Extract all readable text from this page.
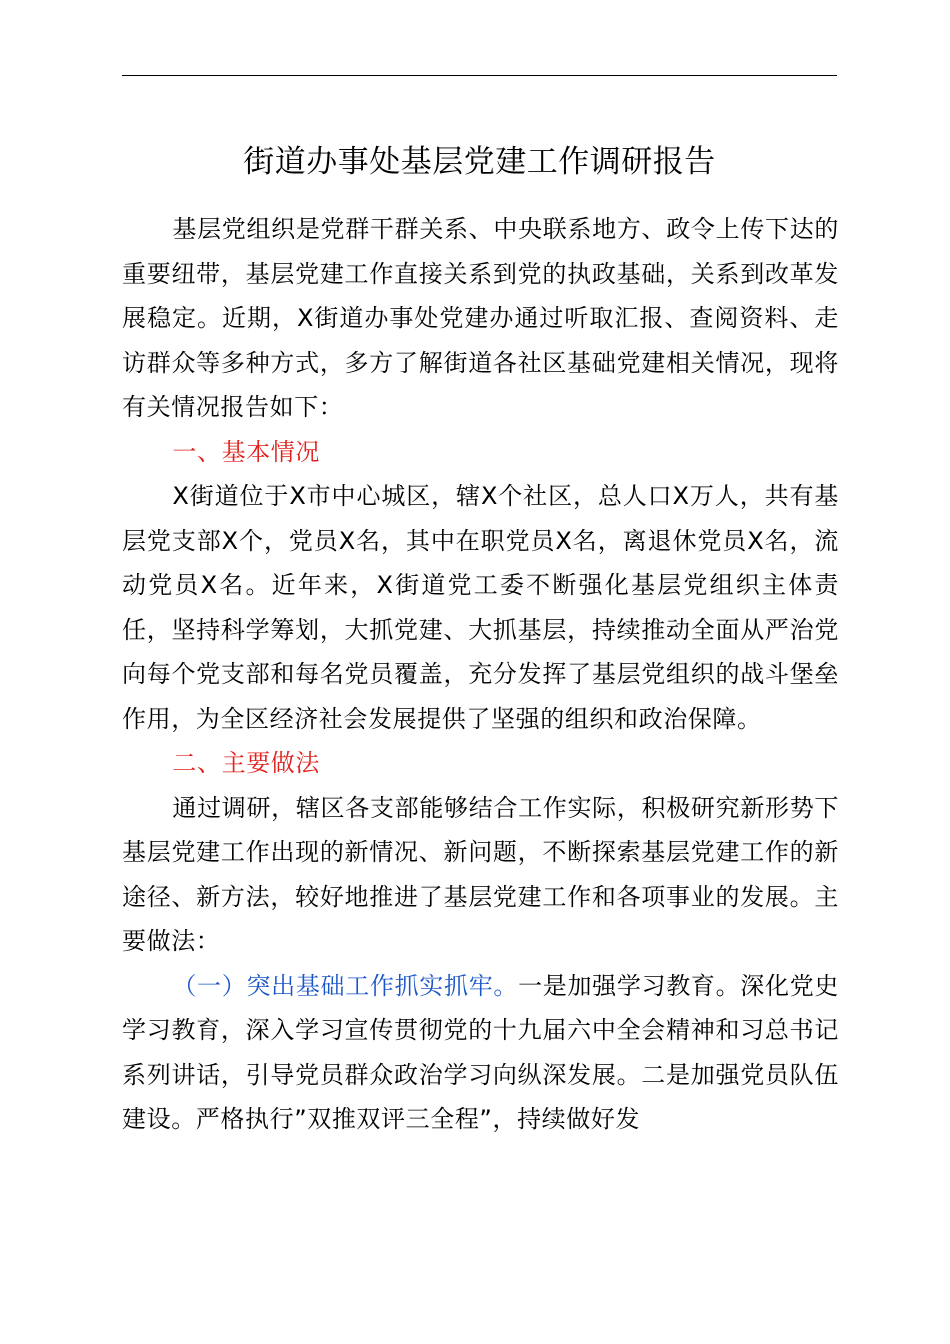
街道办事处基层党建工作调研报告

基层党组织是党群干群关系、中央联系地方、政令上传下达的重要纽带，基层党建工作直接关系到党的执政基础，关系到改革发展稳定。近期，X街道办事处党建办通过听取汇报、查阅资料、走访群众等多种方式，多方了解街道各社区基础党建相关情况，现将有关情况报告如下：

一、基本情况

X街道位于X市中心城区，辖X个社区，总人口X万人，共有基层党支部X个，党员X名，其中在职党员X名，离退休党员X名，流动党员X名。近年来，X街道党工委不断强化基层党组织主体责任，坚持科学筹划，大抓党建、大抓基层，持续推动全面从严治党向每个党支部和每名党员覆盖，充分发挥了基层党组织的战斗堡垒作用，为全区经济社会发展提供了坚强的组织和政治保障。

二、主要做法

通过调研，辖区各支部能够结合工作实际，积极研究新形势下基层党建工作出现的新情况、新问题，不断探索基层党建工作的新途径、新方法，较好地推进了基层党建工作和各项事业的发展。主要做法：

（一）突出基础工作抓实抓牢。一是加强学习教育。深化党史学习教育，深入学习宣传贯彻党的十九届六中全会精神和习总书记系列讲话，引导党员群众政治学习向纵深发展。二是加强党员队伍建设。严格执行”双推双评三全程”，持续做好发
